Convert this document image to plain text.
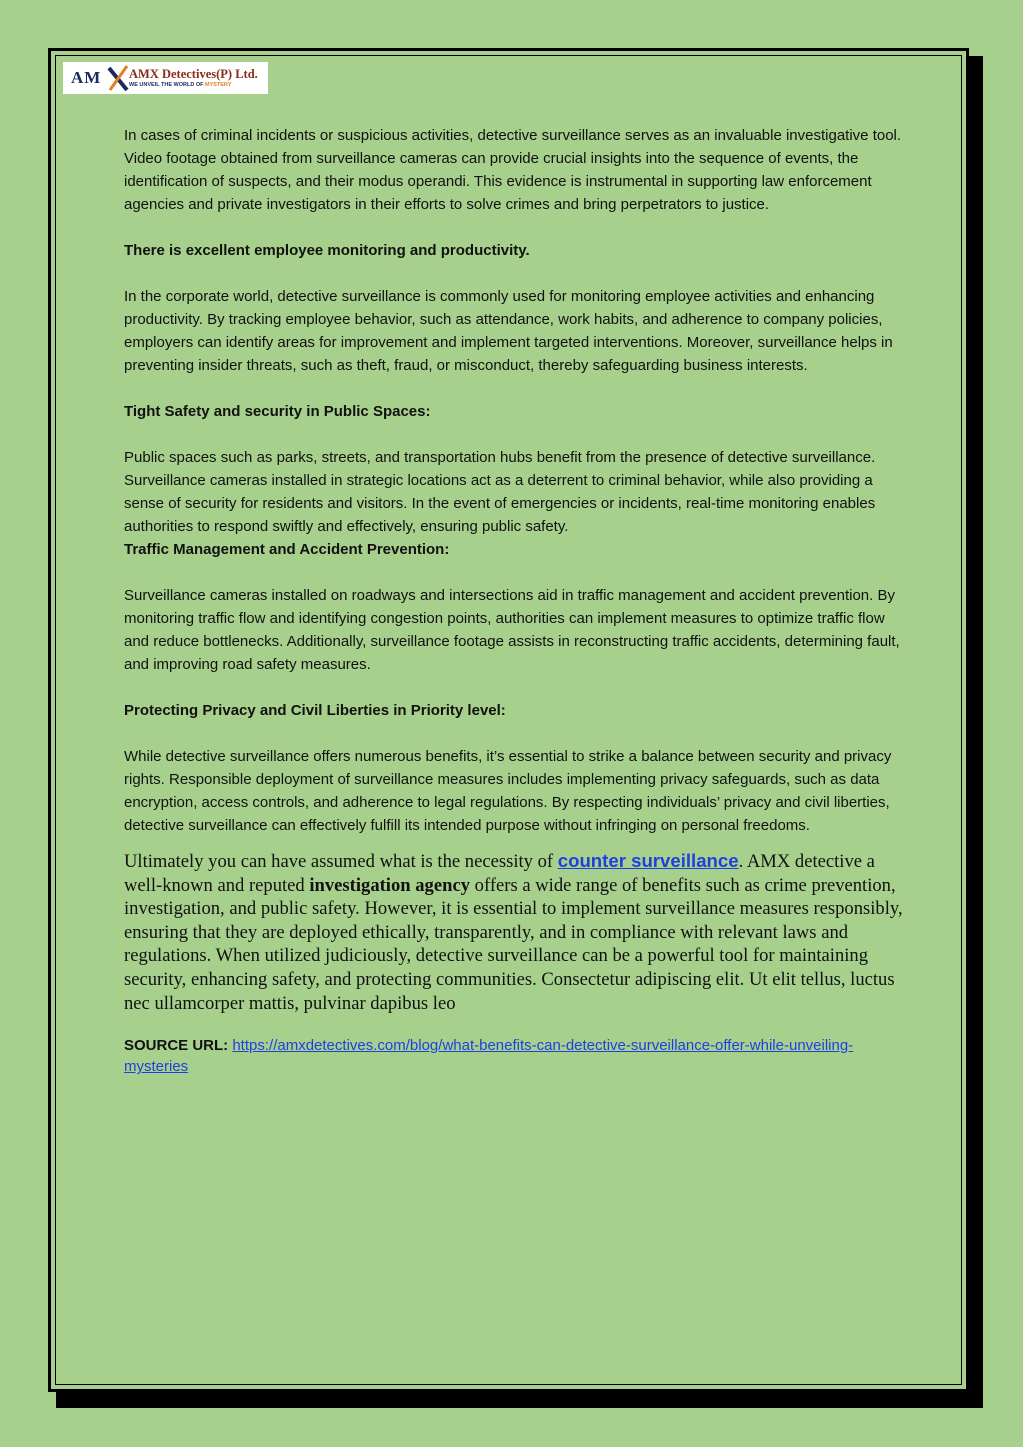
AM AMX Detectives(P) Ltd.
WE UNVEIL THE WORLD OF MYSTERY

In cases of criminal incidents or suspicious activities, detective surveillance serves as an invaluable investigative tool. Video footage obtained from surveillance cameras can provide crucial insights into the sequence of events, the identification of suspects, and their modus operandi. This evidence is instrumental in supporting law enforcement agencies and private investigators in their efforts to solve crimes and bring perpetrators to justice.

There is excellent employee monitoring and productivity.

In the corporate world, detective surveillance is commonly used for monitoring employee activities and enhancing productivity. By tracking employee behavior, such as attendance, work habits, and adherence to company policies, employers can identify areas for improvement and implement targeted interventions. Moreover, surveillance helps in preventing insider threats, such as theft, fraud, or misconduct, thereby safeguarding business interests.

Tight Safety and security in Public Spaces:

Public spaces such as parks, streets, and transportation hubs benefit from the presence of detective surveillance. Surveillance cameras installed in strategic locations act as a deterrent to criminal behavior, while also providing a sense of security for residents and visitors. In the event of emergencies or incidents, real-time monitoring enables authorities to respond swiftly and effectively, ensuring public safety.

Traffic Management and Accident Prevention:

Surveillance cameras installed on roadways and intersections aid in traffic management and accident prevention. By monitoring traffic flow and identifying congestion points, authorities can implement measures to optimize traffic flow and reduce bottlenecks. Additionally, surveillance footage assists in reconstructing traffic accidents, determining fault, and improving road safety measures.

Protecting Privacy and Civil Liberties in Priority level:

While detective surveillance offers numerous benefits, it’s essential to strike a balance between security and privacy rights. Responsible deployment of surveillance measures includes implementing privacy safeguards, such as data encryption, access controls, and adherence to legal regulations. By respecting individuals’ privacy and civil liberties, detective surveillance can effectively fulfill its intended purpose without infringing on personal freedoms.

Ultimately you can have assumed what is the necessity of counter surveillance. AMX detective a well-known and reputed investigation agency offers a wide range of benefits such as crime prevention, investigation, and public safety. However, it is essential to implement surveillance measures responsibly, ensuring that they are deployed ethically, transparently, and in compliance with relevant laws and regulations. When utilized judiciously, detective surveillance can be a powerful tool for maintaining security, enhancing safety, and protecting communities. Consectetur adipiscing elit. Ut elit tellus, luctus nec ullamcorper mattis, pulvinar dapibus leo

SOURCE URL: https://amxdetectives.com/blog/what-benefits-can-detective-surveillance-offer-while-unveiling-mysteries
